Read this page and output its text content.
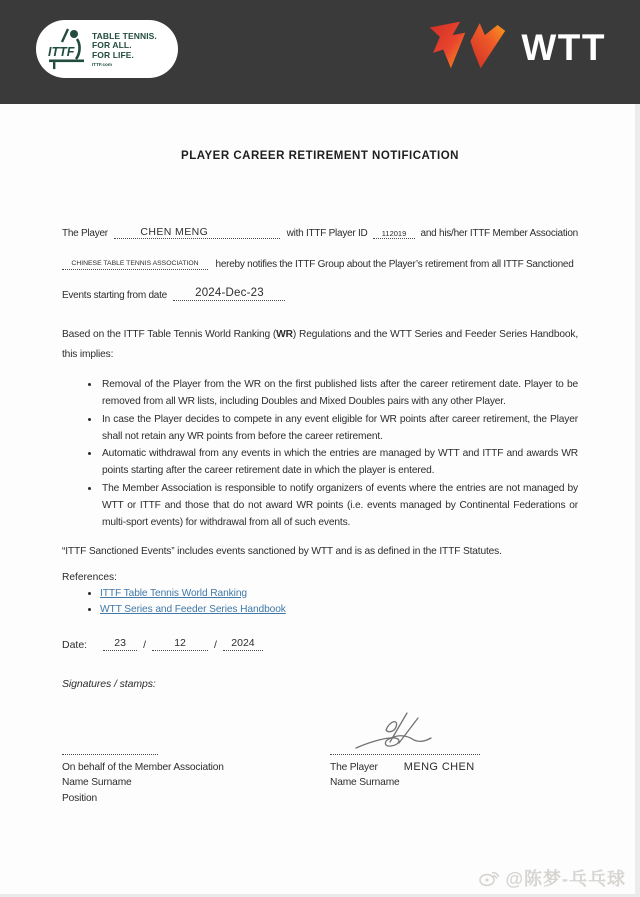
ITTF
TABLE TENNIS.
FOR ALL.
FOR LIFE.
ITTF.com	WTT
PLAYER CAREER RETIREMENT NOTIFICATION
The Player	CHEN MENG	with ITTF Player ID 112019 and his/her ITTF Member Association
CHINESE TABLE TENNIS ASSOCIATION hereby notifies the ITTF Group about the Player’s retirement from all ITTF Sanctioned
Events starting from date 2024-Dec-23

Based on the ITTF Table Tennis World Ranking (WR) Regulations and the WTT Series and Feeder Series Handbook, this implies:

• Removal of the Player from the WR on the first published lists after the career retirement date. Player to be removed from all WR lists, including Doubles and Mixed Doubles pairs with any other Player.
• In case the Player decides to compete in any event eligible for WR points after career retirement, the Player shall not retain any WR points from before the career retirement.
• Automatic withdrawal from any events in which the entries are managed by WTT and ITTF and awards WR points starting after the career retirement date in which the player is entered.
• The Member Association is responsible to notify organizers of events where the entries are not managed by WTT or ITTF and those that do not award WR points (i.e. events managed by Continental Federations or multi-sport events) for withdrawal from all of such events.

“ITTF Sanctioned Events” includes events sanctioned by WTT and is as defined in the ITTF Statutes.

References:

• ITTF Table Tennis World Ranking
• WTT Series and Feeder Series Handbook
Date:	23 /	12	/ 2024

Signatures / stamps:

On behalf of the Member Association
Name Surname
Position
The Player MENG CHEN
Name Surname
@陈梦-乓乓球
